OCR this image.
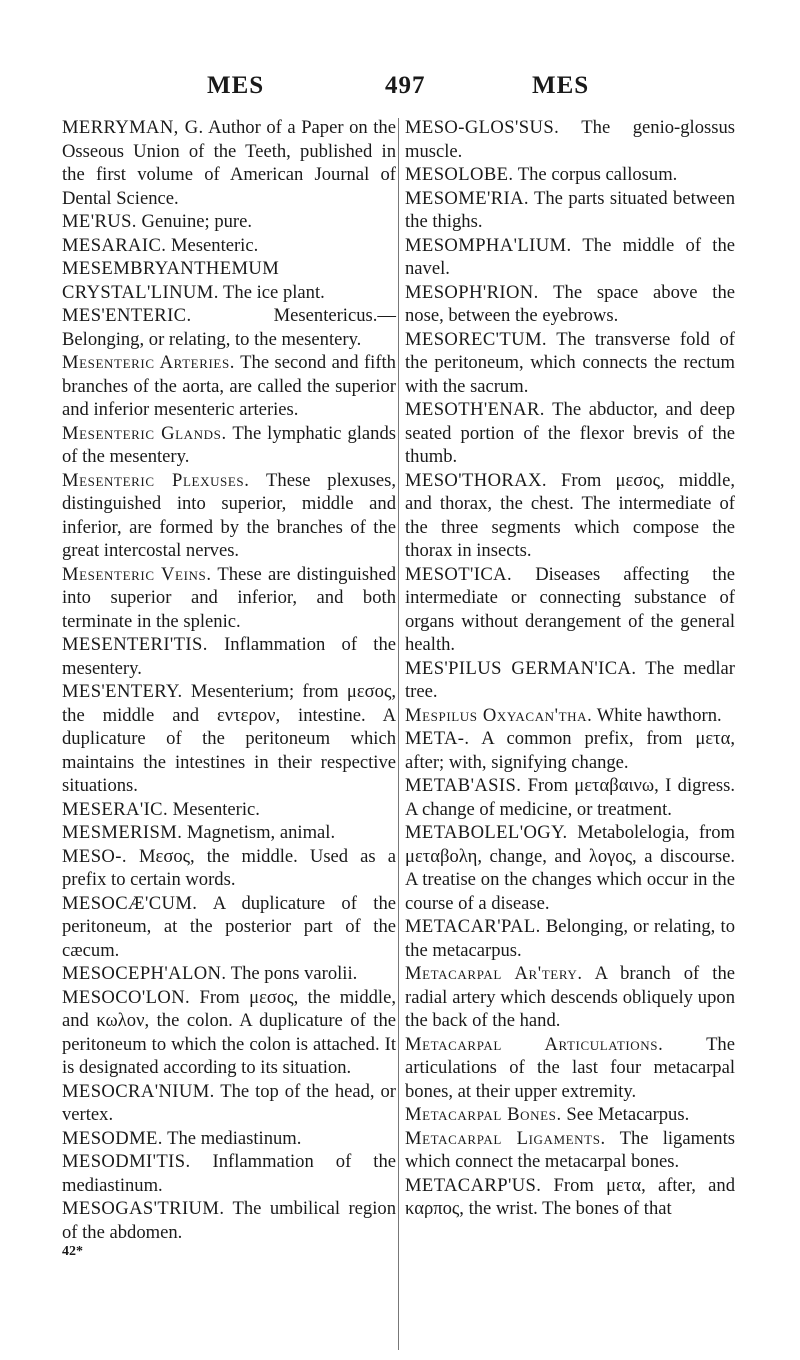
MES	497	MES

MERRYMAN, G. Author of a Paper on the Osseous Union of the Teeth, published in the first volume of American Journal of Dental Science.

ME'RUS. Genuine; pure.

MESARAIC. Mesenteric.

MESEMBRYANTHEMUM CRYSTAL'LINUM. The ice plant.

MES'ENTERIC. Mesentericus.— Belonging, or relating, to the mesentery.

Mesenteric Arteries. The second and fifth branches of the aorta, are called the superior and inferior mesenteric arteries.

Mesenteric Glands. The lymphatic glands of the mesentery.

Mesenteric Plexuses. These plexuses, distinguished into superior, middle and inferior, are formed by the branches of the great intercostal nerves.

Mesenteric Veins. These are distinguished into superior and inferior, and both terminate in the splenic.

MESENTERI'TIS. Inflammation of the mesentery.

MES'ENTERY. Mesenterium; from μεσος, the middle and εντερον, intestine. A duplicature of the peritoneum which maintains the intestines in their respective situations.

MESERA'IC. Mesenteric.

MESMERISM. Magnetism, animal.

MESO-. Μεσος, the middle. Used as a prefix to certain words.

MESOCÆ'CUM. A duplicature of the peritoneum, at the posterior part of the cæcum.

MESOCEPH'ALON. The pons varolii.

MESOCO'LON. From μεσος, the middle, and κωλον, the colon. A duplicature of the peritoneum to which the colon is attached. It is designated according to its situation.

MESOCRA'NIUM. The top of the head, or vertex.

MESODME. The mediastinum.

MESODMI'TIS. Inflammation of the mediastinum.

MESOGAS'TRIUM. The umbilical region of the abdomen.

42*

MESO-GLOS'SUS. The genio-glossus muscle.

MESOLOBE. The corpus callosum.

MESOME'RIA. The parts situated between the thighs.

MESOMPHA'LIUM. The middle of the navel.

MESOPH'RION. The space above the nose, between the eyebrows.

MESOREC'TUM. The transverse fold of the peritoneum, which connects the rectum with the sacrum.

MESOTH'ENAR. The abductor, and deep seated portion of the flexor brevis of the thumb.

MESO'THORAX. From μεσος, middle, and thorax, the chest. The intermediate of the three segments which compose the thorax in insects.

MESOT'ICA. Diseases affecting the intermediate or connecting substance of organs without derangement of the general health.

MES'PILUS GERMAN'ICA. The medlar tree.

Mespilus Oxyacan'tha. White hawthorn.

META-. A common prefix, from μετα, after; with, signifying change.

METAB'ASIS. From μεταβαινω, I digress. A change of medicine, or treatment.

METABOLEL'OGY. Metabolelogia, from μεταβολη, change, and λογος, a discourse. A treatise on the changes which occur in the course of a disease.

METACAR'PAL. Belonging, or relating, to the metacarpus.

Metacarpal Ar'tery. A branch of the radial artery which descends obliquely upon the back of the hand.

Metacarpal Articulations. The articulations of the last four metacarpal bones, at their upper extremity.

Metacarpal Bones. See Metacarpus.

Metacarpal Ligaments. The ligaments which connect the metacarpal bones.

METACARP'US. From μετα, after, and καρπος, the wrist. The bones of that
